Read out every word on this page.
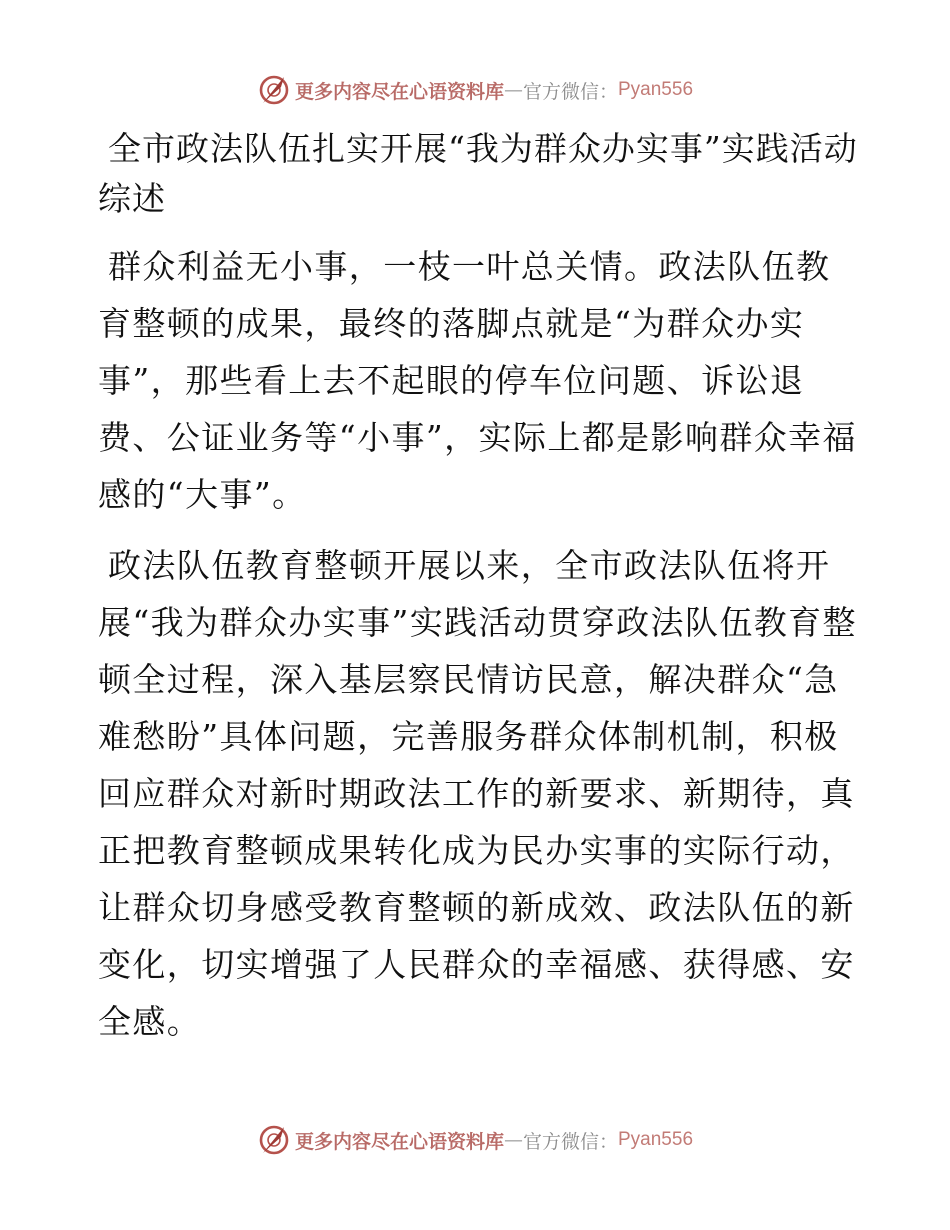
更多内容尽在心语资料库 — 官方微信： Pyan556
全市政法队伍扎实开展“我为群众办实事”实践活动综述

群众利益无小事，一枝一叶总关情。政法队伍教育整顿的成果，最终的落脚点就是“为群众办实事”，那些看上去不起眼的停车位问题、诉讼退费、公证业务等“小事”，实际上都是影响群众幸福感的“大事”。

政法队伍教育整顿开展以来，全市政法队伍将开展“我为群众办实事”实践活动贯穿政法队伍教育整顿全过程，深入基层察民情访民意，解决群众“急难愁盼”具体问题，完善服务群众体制机制，积极回应群众对新时期政法工作的新要求、新期待，真正把教育整顿成果转化成为民办实事的实际行动，让群众切身感受教育整顿的新成效、政法队伍的新变化，切实增强了人民群众的幸福感、获得感、安全感。

更多内容尽在心语资料库 — 官方微信： Pyan556
